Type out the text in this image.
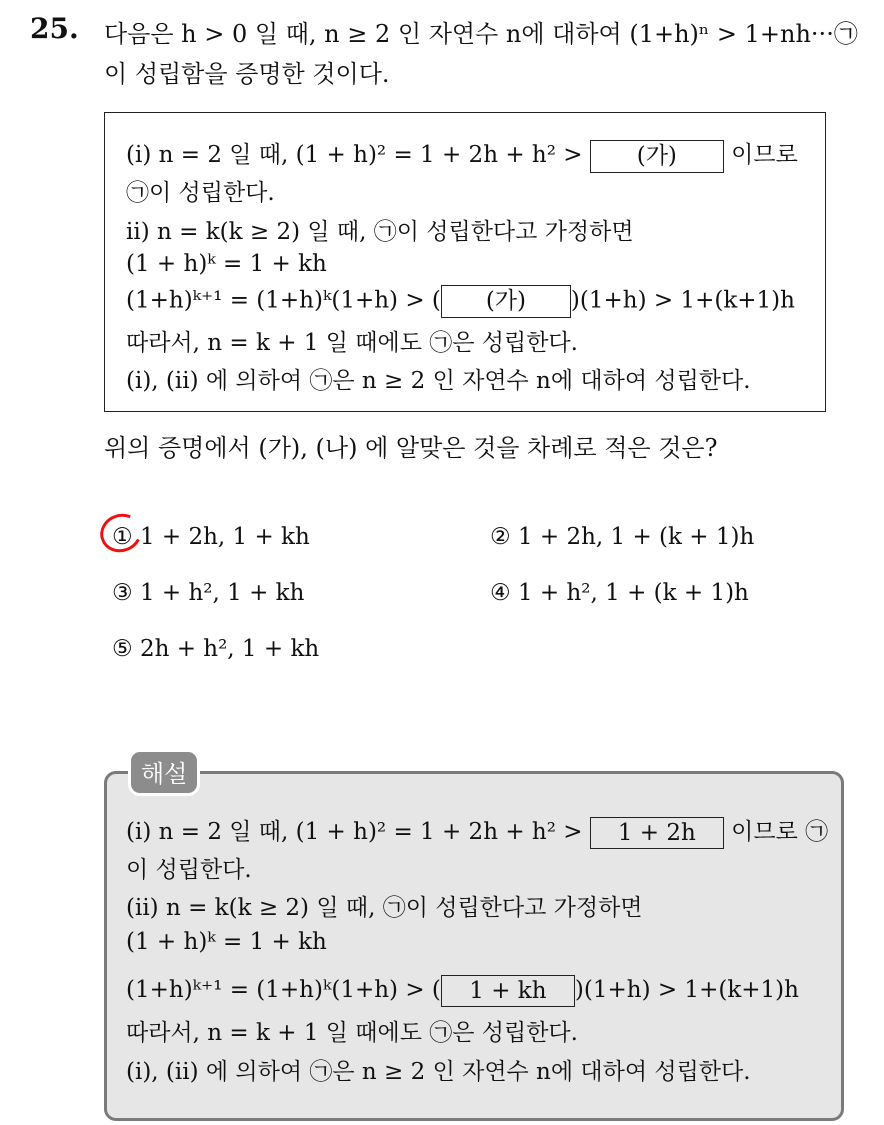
25. 다음은 h > 0 일 때, n ≥ 2 인 자연수 n에 대하여 (1+h)ⁿ > 1+nh···㉠
이 성립함을 증명한 것이다.
(i) n = 2 일 때, (1 + h)² = 1 + 2h + h² > (가) 이므로
㉠이 성립한다.
ii) n = k(k ≥ 2) 일 때, ㉠이 성립한다고 가정하면
(1 + h)ᵏ = 1 + kh
(1+h)ᵏ⁺¹ = (1+h)ᵏ(1+h) > ( (가) )(1+h) > 1+(k+1)h
따라서, n = k + 1 일 때에도 ㉠은 성립한다.
(i), (ii) 에 의하여 ㉠은 n ≥ 2 인 자연수 n에 대하여 성립한다.
위의 증명에서 (가), (나) 에 알맞은 것을 차례로 적은 것은?
① 1 + 2h, 1 + kh	② 1 + 2h, 1 + (k + 1)h
③ 1 + h², 1 + kh	④ 1 + h², 1 + (k + 1)h
⑤ 2h + h², 1 + kh
해설
(i) n = 2 일 때, (1 + h)² = 1 + 2h + h² > 1 + 2h 이므로 ㉠
이 성립한다.
(ii) n = k(k ≥ 2) 일 때, ㉠이 성립한다고 가정하면
(1 + h)ᵏ = 1 + kh
(1+h)ᵏ⁺¹ = (1+h)ᵏ(1+h) > ( 1 + kh )(1+h) > 1+(k+1)h
따라서, n = k + 1 일 때에도 ㉠은 성립한다.
(i), (ii) 에 의하여 ㉠은 n ≥ 2 인 자연수 n에 대하여 성립한다.
